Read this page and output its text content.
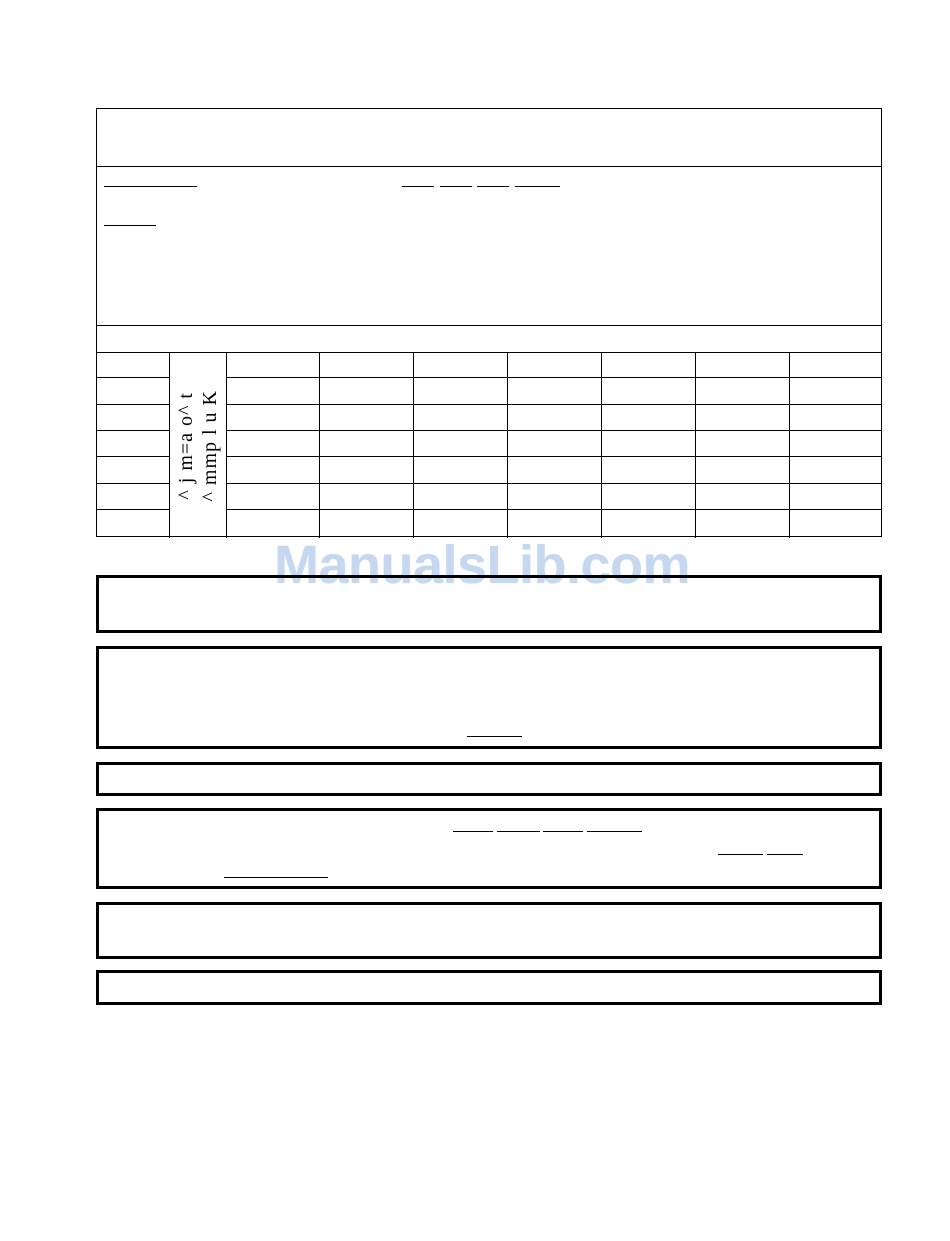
^ j m=a o^ t ^ mmp l u K
ManualsLib.com
